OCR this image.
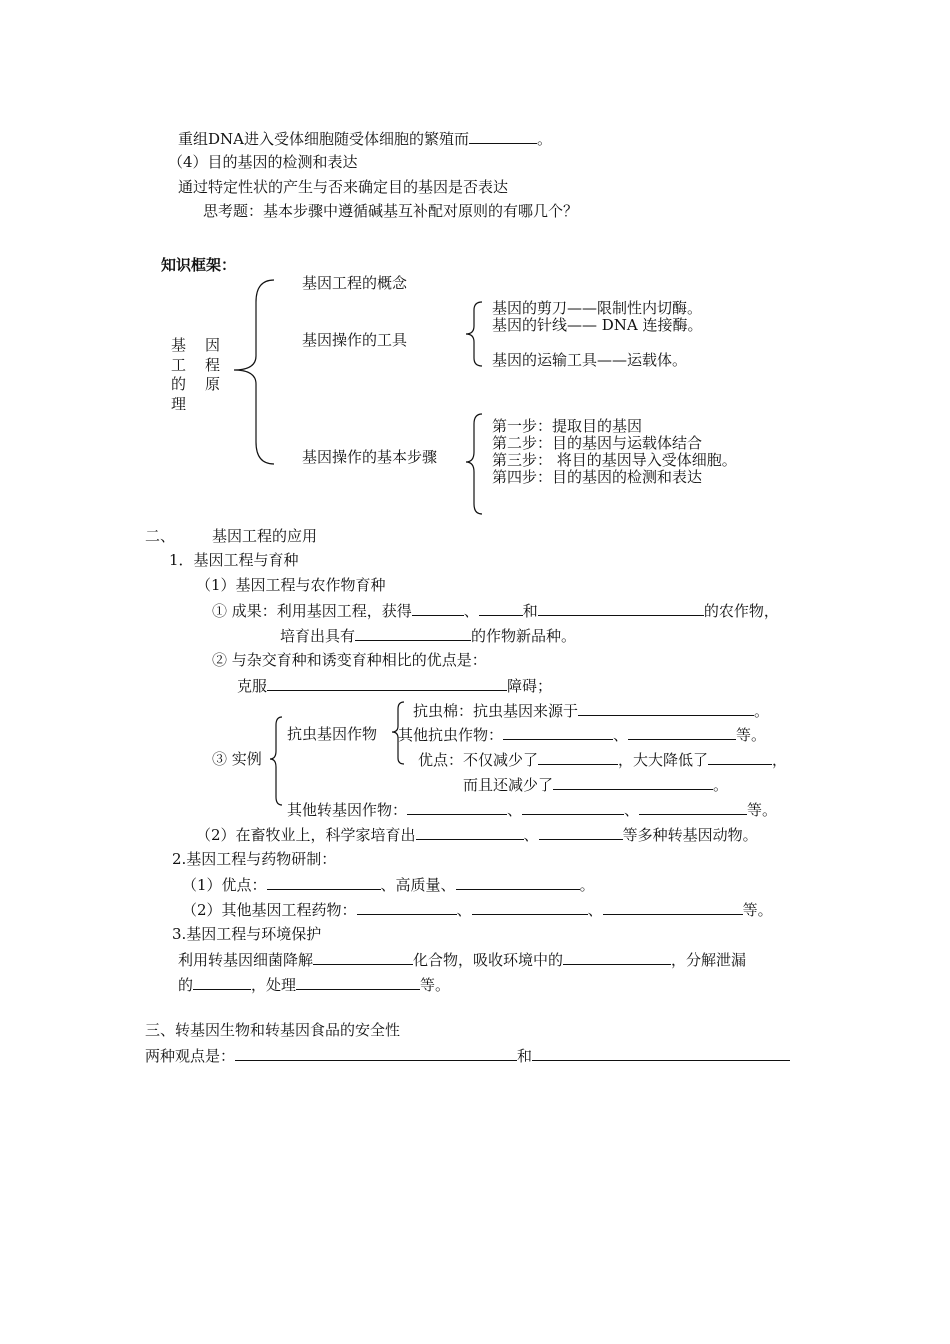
重组DNA进入受体细胞随受体细胞的繁殖而	。
（4）目的基因的检测和表达
通过特定性状的产生与否来确定目的基因是否表达
思考题：基本步骤中遵循碱基互补配对原则的有哪几个？
知识框架：
基 因
工 程
的 原
理
基因工程的概念
基因操作的工具
基因操作的基本步骤
基因的剪刀——限制性内切酶。
基因的针线—— DNA 连接酶。
基因的运输工具——运载体。
第一步：提取目的基因
第二步：目的基因与运载体结合
第三步： 将目的基因导入受体细胞。
第四步：目的基因的检测和表达
二、 基因工程的应用
1．基因工程与育种
（1）基因工程与农作物育种
① 成果：利用基因工程，获得	、	和	的农作物，
培育出具有	的作物新品种。
② 与杂交育种和诱变育种相比的优点是：
克服	障碍；
③ 实例
抗虫基因作物
抗虫棉：抗虫基因来源于	。
其他抗虫作物：	、	等。
优点：不仅减少了	，大大降低了	，
而且还减少了	。
其他转基因作物：	、	、	等。
（2）在畜牧业上，科学家培育出	、	等多种转基因动物。
2.基因工程与药物研制：
（1）优点：	、高质量、	。
（2）其他基因工程药物：	、	、	等。
3.基因工程与环境保护
利用转基因细菌降解	化合物，吸收环境中的	，分解泄漏
的	，处理	等。
三、转基因生物和转基因食品的安全性
两种观点是：	和
